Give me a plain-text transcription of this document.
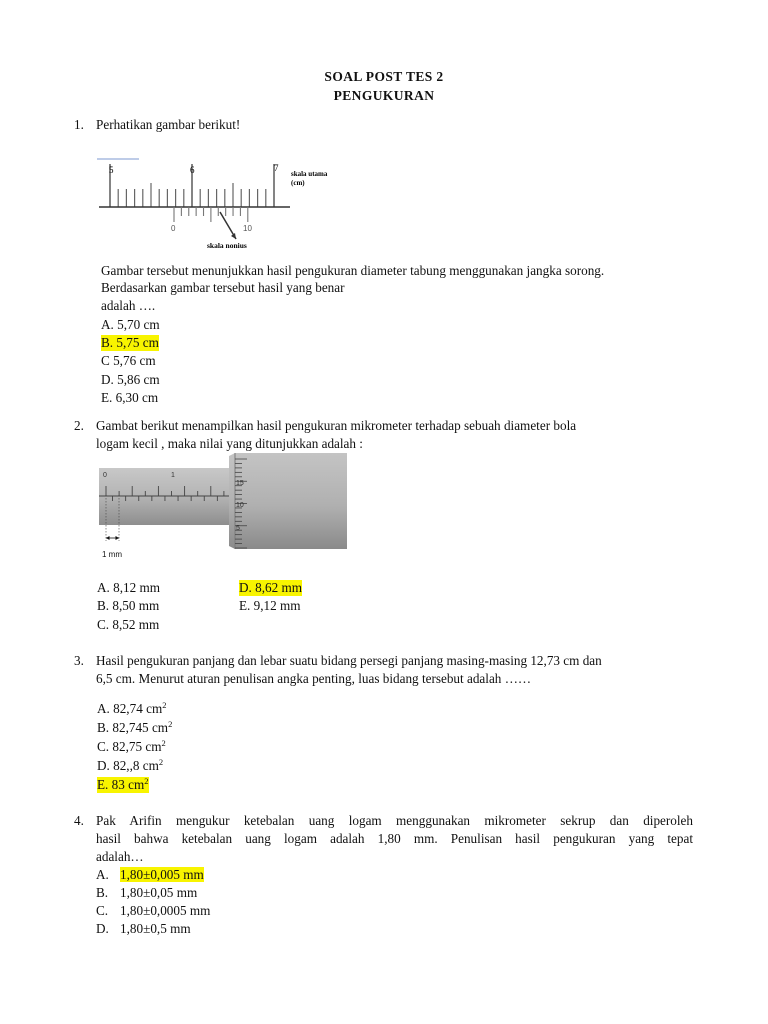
SOAL POST TES 2
PENGUKURAN
1. Perhatikan gambar berikut!
5	6	7
skala utama
(cm)
0	10
skala nonius
Gambar tersebut menunjukkan hasil pengukuran diameter tabung menggunakan jangka sorong.
Berdasarkan gambar tersebut hasil yang benar
adalah ….
A. 5,70 cm
B. 5,75 cm
C 5,76 cm
D. 5,86 cm
E. 6,30 cm
2. Gambat berikut menampilkan hasil pengukuran mikrometer terhadap sebuah diameter bola
logam kecil , maka nilai yang ditunjukkan adalah :
0	1
15
10
5
1 mm
A. 8,12 mm	D. 8,62 mm
B. 8,50 mm	E. 9,12 mm
C. 8,52 mm
3. Hasil pengukuran panjang dan lebar suatu bidang persegi panjang masing-masing 12,73 cm dan
6,5 cm. Menurut aturan penulisan angka penting, luas bidang tersebut adalah ……
A. 82,74 $cm^2$
B. 82,745 $cm^2$
C. 82,75 $cm^2$
D. 82,,8 $cm^2$
E. 83 $cm^2$
4. Pak Arifin mengukur ketebalan uang logam menggunakan mikrometer sekrup dan diperoleh
hasil bahwa ketebalan uang logam adalah 1,80 mm. Penulisan hasil pengukuran yang tepat
adalah…
A. 1,80±0,005 mm
B. 1,80±0,05 mm
C. 1,80±0,0005 mm
D. 1,80±0,5 mm
